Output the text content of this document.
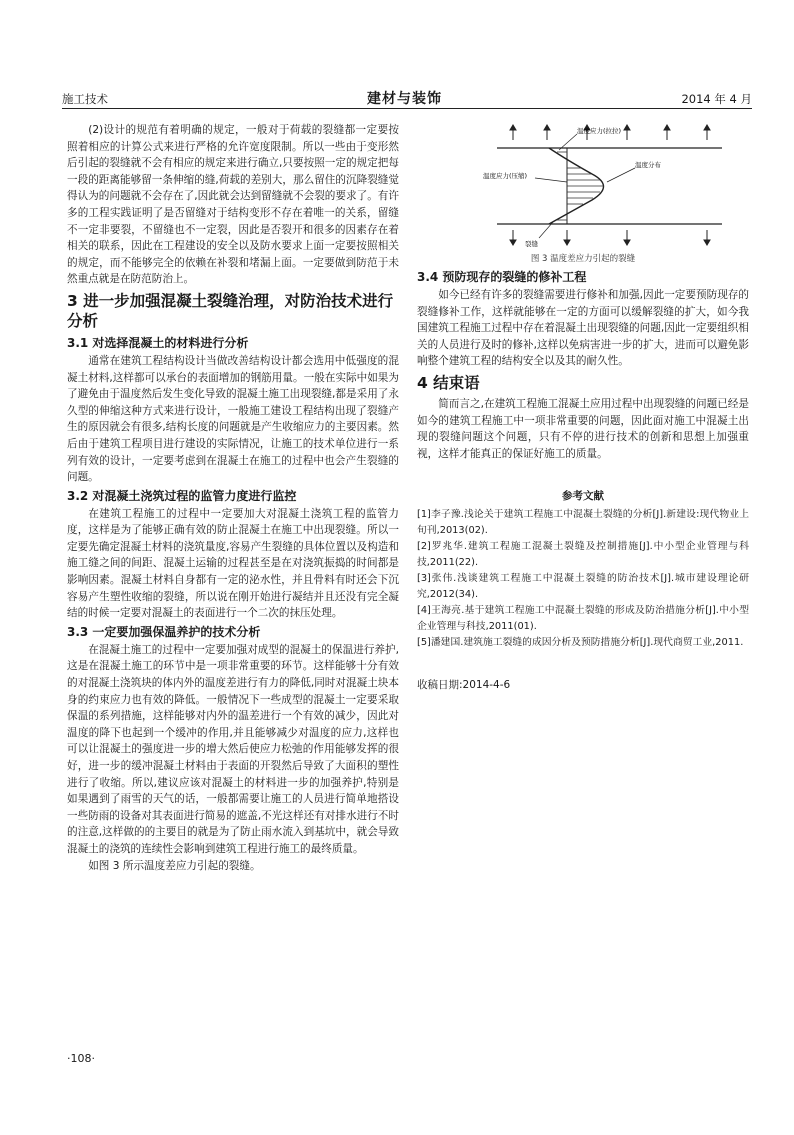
施工技术	建材与装饰	2014 年 4 月

(2)设计的规范有着明确的规定，一般对于荷载的裂缝都一定要按照着相应的计算公式来进行严格的允许宽度限制。所以一些由于变形然后引起的裂缝就不会有相应的规定来进行确立,只要按照一定的规定把每一段的距离能够留一条伸缩的缝,荷载的差别大，那么留住的沉降裂缝觉得认为的问题就不会存在了,因此就会达到留缝就不会裂的要求了。有许多的工程实践证明了是否留缝对于结构变形不存在着唯一的关系，留缝不一定非要裂，不留缝也不一定裂，因此是否裂开和很多的因素存在着相关的联系，因此在工程建设的安全以及防水要求上面一定要按照相关的规定，而不能够完全的依赖在补裂和堵漏上面。一定要做到防范于未然重点就是在防范防治上。

3 进一步加强混凝土裂缝治理，对防治技术进行分析
3.1 对选择混凝土的材料进行分析

通常在建筑工程结构设计当做改善结构设计都会选用中低强度的混凝土材料,这样都可以承台的表面增加的钢筋用量。一般在实际中如果为了避免由于温度然后发生变化导致的混凝土施工出现裂缝,都是采用了永久型的伸缩这种方式来进行设计，一般施工建设工程结构出现了裂缝产生的原因就会有很多,结构长度的问题就是产生收缩应力的主要因素。然后由于建筑工程项目进行建设的实际情况，让施工的技术单位进行一系列有效的设计，一定要考虑到在混凝土在施工的过程中也会产生裂缝的问题。

3.2 对混凝土浇筑过程的监管力度进行监控

在建筑工程施工的过程中一定要加大对混凝土浇筑工程的监管力度，这样是为了能够正确有效的防止混凝土在施工中出现裂缝。所以一定要先确定混凝土材料的浇筑量度,容易产生裂缝的具体位置以及构造和施工缝之间的间距、混凝土运输的过程甚至是在对浇筑振捣的时间都是影响因素。混凝土材料自身都有一定的泌水性，并且骨料有时还会下沉容易产生塑性收缩的裂缝，所以说在刚开始进行凝结并且还没有完全凝结的时候一定要对混凝土的表面进行一个二次的抹压处理。

3.3 一定要加强保温养护的技术分析

在混凝土施工的过程中一定要加强对成型的混凝土的保温进行养护,这是在混凝土施工的环节中是一项非常重要的环节。这样能够十分有效的对混凝土浇筑块的体内外的温度差进行有力的降低,同时对混凝土块本身的约束应力也有效的降低。一般情况下一些成型的混凝土一定要采取保温的系列措施，这样能够对内外的温差进行一个有效的减少，因此对温度的降下也起到一个缓冲的作用,并且能够减少对温度的应力,这样也可以让混凝土的强度进一步的增大然后使应力松弛的作用能够发挥的很好，进一步的缓冲混凝土材料由于表面的开裂然后导致了大面积的塑性进行了收缩。所以,建议应该对混凝土的材料进一步的加强养护,特别是如果遇到了雨雪的天气的话，一般都需要让施工的人员进行简单地搭设一些防雨的设备对其表面进行简易的遮盖,不光这样还有对排水进行不时的注意,这样做的的主要目的就是为了防止雨水流入到基坑中，就会导致混凝土的浇筑的连续性会影响到建筑工程进行施工的最终质量。

如图 3 所示温度差应力引起的裂缝。

温度应力(拉拉)
温度应力(压缩)
温度分布
裂缝

图 3 温度差应力引起的裂缝

3.4 预防现存的裂缝的修补工程

如今已经有许多的裂缝需要进行修补和加强,因此一定要预防现存的裂缝修补工作，这样就能够在一定的方面可以缓解裂缝的扩大，如今我国建筑工程施工过程中存在着混凝土出现裂缝的问题,因此一定要组织相关的人员进行及时的修补,这样以免病害进一步的扩大，进而可以避免影响整个建筑工程的结构安全以及其的耐久性。

4 结束语

简而言之,在建筑工程施工混凝土应用过程中出现裂缝的问题已经是如今的建筑工程施工中一项非常重要的问题，因此面对施工中混凝土出现的裂缝问题这个问题，只有不停的进行技术的创新和思想上加强重视，这样才能真正的保证好施工的质量。

参考文献

[1]李子豫.浅论关于建筑工程施工中混凝土裂缝的分析[J].新建设:现代物业上旬刊,2013(02).

[2]罗兆华.建筑工程施工混凝土裂缝及控制措施[J].中小型企业管理与科技,2011(22).

[3]张伟.浅谈建筑工程施工中混凝土裂缝的防治技术[J].城市建设理论研究,2012(34).

[4]王海亮.基于建筑工程施工中混凝土裂缝的形成及防治措施分析[J].中小型企业管理与科技,2011(01).

[5]潘建国.建筑施工裂缝的成因分析及预防措施分析[J].现代商贸工业,2011.

收稿日期:2014-4-6
·108·
